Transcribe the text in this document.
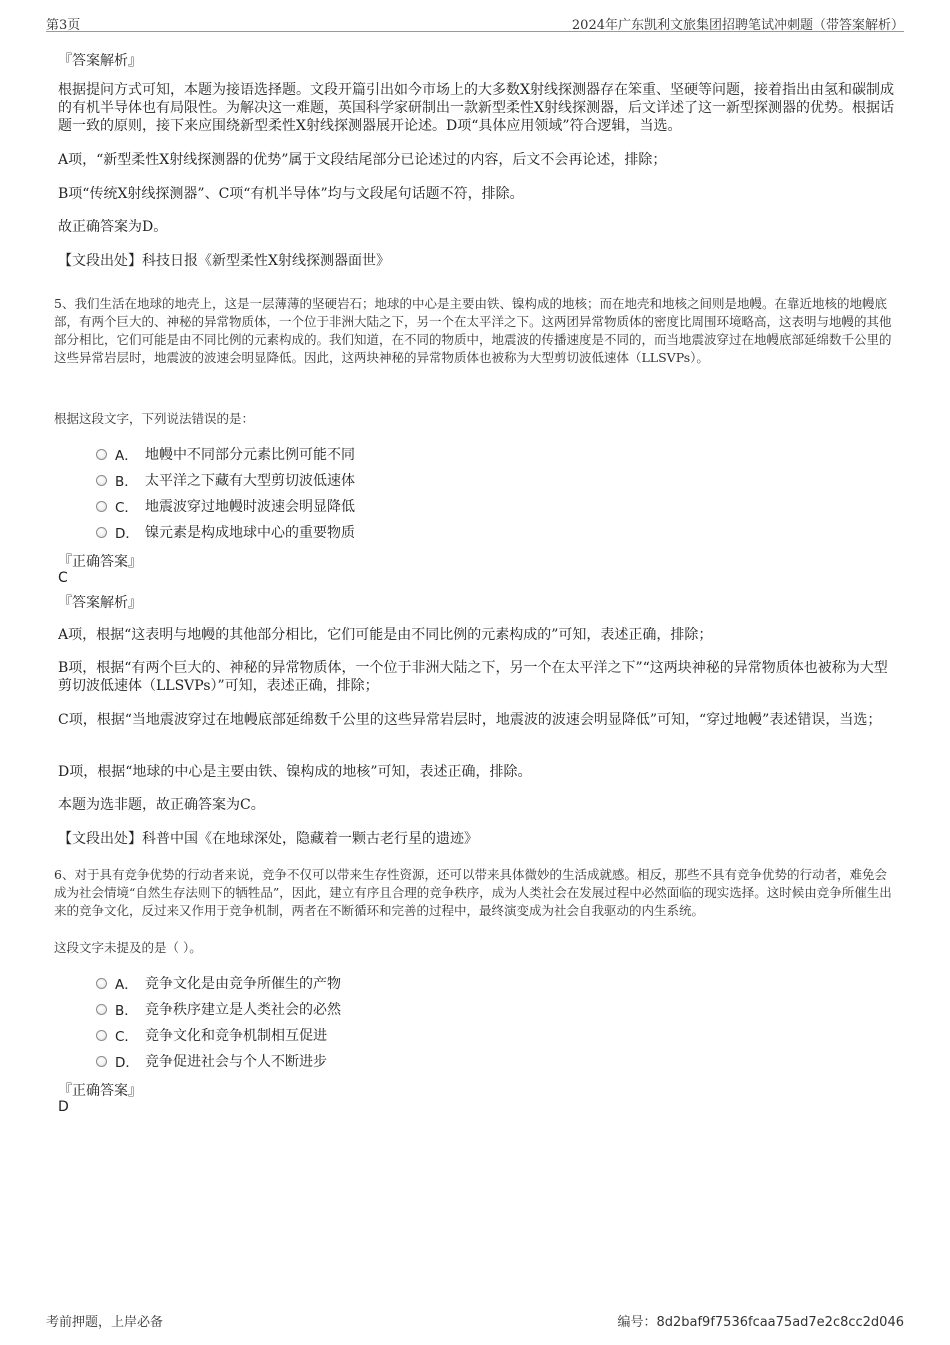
第3页	2024年广东凯利文旅集团招聘笔试冲刺题（带答案解析）
『答案解析』
根据提问方式可知，本题为接语选择题。文段开篇引出如今市场上的大多数X射线探测器存在笨重、坚硬等问题，接着指出由氢和碳制成的有机半导体也有局限性。为解决这一难题，英国科学家研制出一款新型柔性X射线探测器，后文详述了这一新型探测器的优势。根据话题一致的原则，接下来应围绕新型柔性X射线探测器展开论述。D项“具体应用领域”符合逻辑，当选。
A项，“新型柔性X射线探测器的优势”属于文段结尾部分已论述过的内容，后文不会再论述，排除；
B项“传统X射线探测器”、C项“有机半导体”均与文段尾句话题不符，排除。
故正确答案为D。
【文段出处】科技日报《新型柔性X射线探测器面世》
5、我们生活在地球的地壳上，这是一层薄薄的坚硬岩石；地球的中心是主要由铁、镍构成的地核；而在地壳和地核之间则是地幔。在靠近地核的地幔底部，有两个巨大的、神秘的异常物质体，一个位于非洲大陆之下，另一个在太平洋之下。这两团异常物质体的密度比周围环境略高，这表明与地幔的其他部分相比，它们可能是由不同比例的元素构成的。我们知道，在不同的物质中，地震波的传播速度是不同的，而当地震波穿过在地幔底部延绵数千公里的这些异常岩层时，地震波的波速会明显降低。因此，这两块神秘的异常物质体也被称为大型剪切波低速体（LLSVPs）。
根据这段文字，下列说法错误的是：
A． 地幔中不同部分元素比例可能不同
B． 太平洋之下藏有大型剪切波低速体
C． 地震波穿过地幔时波速会明显降低
D． 镍元素是构成地球中心的重要物质
『正确答案』
C
『答案解析』
A项，根据“这表明与地幔的其他部分相比，它们可能是由不同比例的元素构成的”可知，表述正确，排除；
B项，根据“有两个巨大的、神秘的异常物质体，一个位于非洲大陆之下，另一个在太平洋之下”“这两块神秘的异常物质体也被称为大型剪切波低速体（LLSVPs）”可知，表述正确，排除；
C项，根据“当地震波穿过在地幔底部延绵数千公里的这些异常岩层时，地震波的波速会明显降低”可知，“穿过地幔”表述错误，当选；
D项，根据“地球的中心是主要由铁、镍构成的地核”可知，表述正确，排除。
本题为选非题，故正确答案为C。
【文段出处】科普中国《在地球深处，隐藏着一颗古老行星的遗迹》
6、对于具有竞争优势的行动者来说，竞争不仅可以带来生存性资源，还可以带来具体微妙的生活成就感。相反，那些不具有竞争优势的行动者，难免会成为社会情境“自然生存法则下的牺牲品”，因此，建立有序且合理的竞争秩序，成为人类社会在发展过程中必然面临的现实选择。这时候由竞争所催生出来的竞争文化，反过来又作用于竞争机制，两者在不断循环和完善的过程中，最终演变成为社会自我驱动的内生系统。
这段文字未提及的是（ ）。
A． 竞争文化是由竞争所催生的产物
B． 竞争秩序建立是人类社会的必然
C． 竞争文化和竞争机制相互促进
D． 竞争促进社会与个人不断进步
『正确答案』
D
考前押题，上岸必备	编号：8d2baf9f7536fcaa75ad7e2c8cc2d046
